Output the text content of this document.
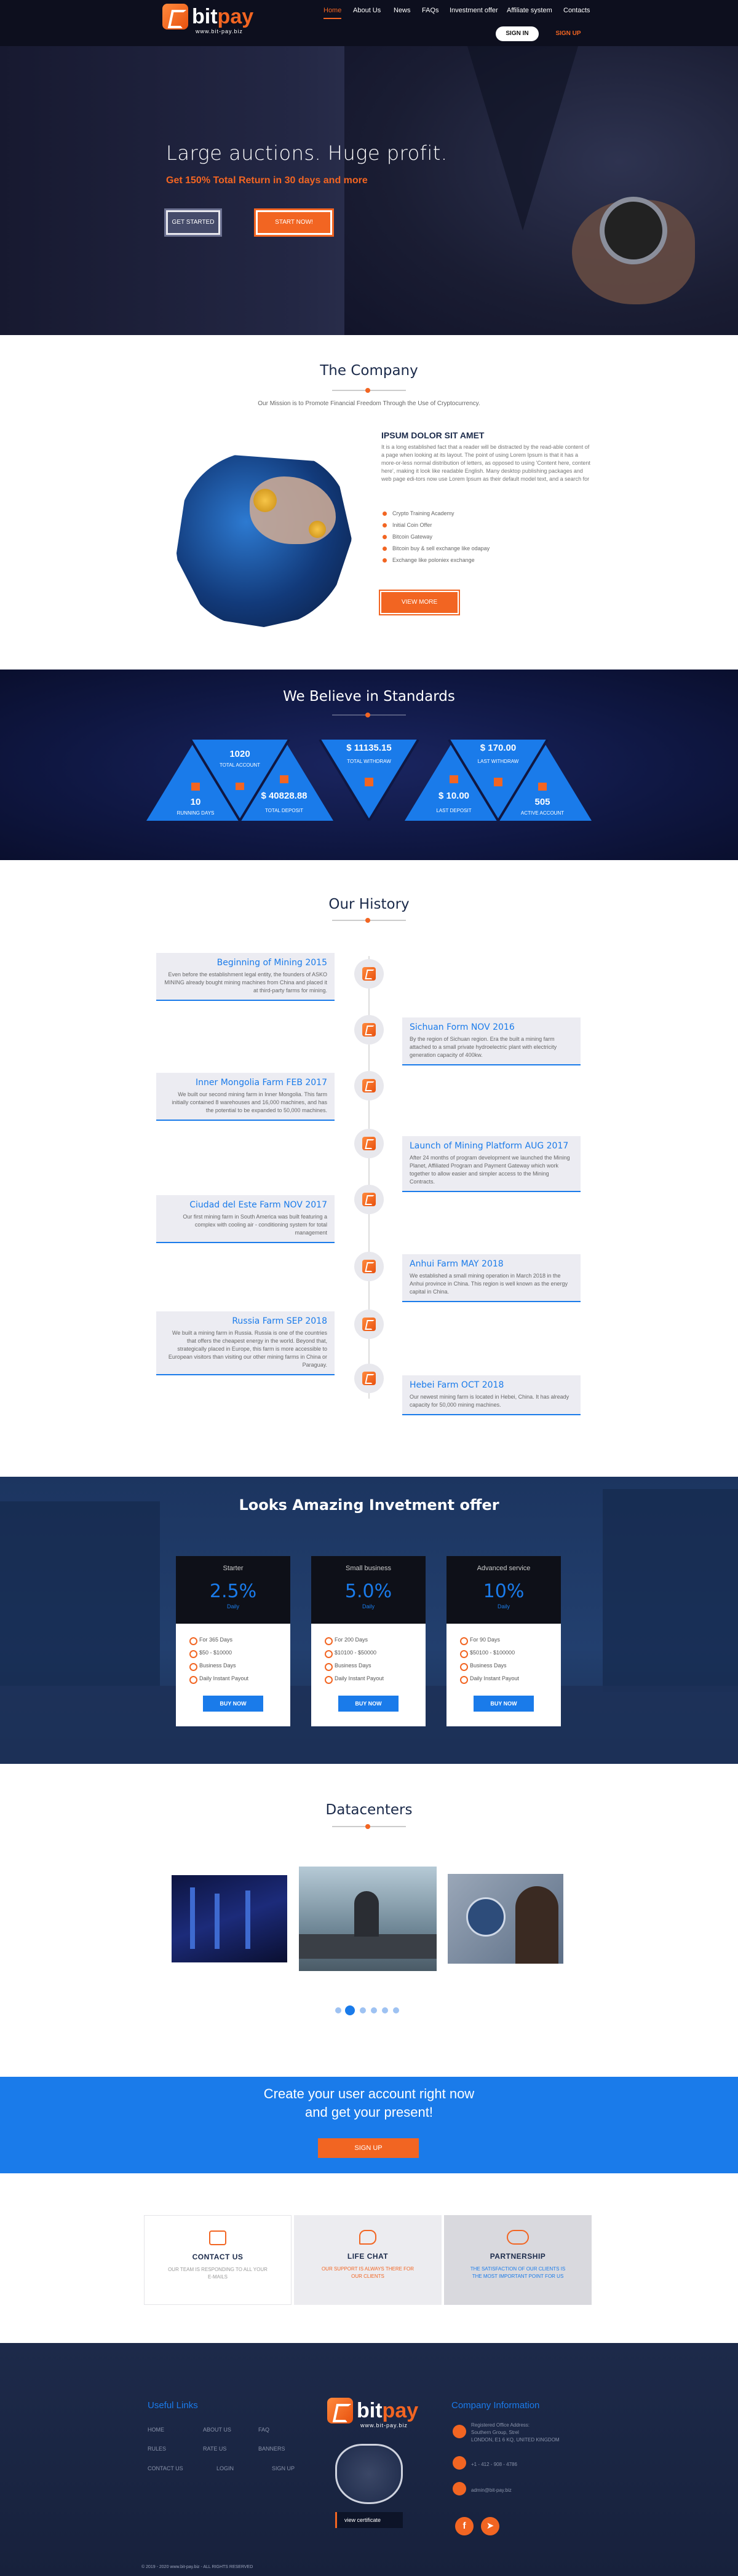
bitpay
www.bit-pay.biz
Home About Us News FAQs Investment offer Affiliate system Contacts
SIGN IN	SIGN UP
Large auctions. Huge profit.
Get 150% Total Return in 30 days and more
GET STARTED	START NOW!
The Company
Our Mission is to Promote Financial Freedom Through the Use of Cryptocurrency.
IPSUM DOLOR SIT AMET
It is a long established fact that a reader will be distracted by the read-able content of a page when looking at its layout. The point of using Lorem Ipsum is that it has a more-or-less normal distribution of letters, as opposed to using 'Content here, content here', making it look like readable English. Many desktop publishing packages and web page edi-tors now use Lorem Ipsum as their default model text, and a search for
Crypto Training Academy
Initial Coin Offer
Bitcoin Gateway
Bitcoin buy & sell exchange like odapay
Exchange like poloniex exchange
VIEW MORE
We Believe in Standards
1020
TOTAL ACCOUNT
$ 11135.15
TOTAL WITHDRAW
$ 170.00
LAST WITHDRAW
10
RUNNING DAYS
$ 40828.88
TOTAL DEPOSIT
$ 10.00
LAST DEPOSIT
505
ACTIVE ACCOUNT
Our History
Beginning of Mining 2015

Even before the establishment legal entity, the founders of ASKO MINING already bought mining machines from China and placed it at third-party farms for mining.

Sichuan Form NOV 2016

By the region of Sichuan region. Era the built a mining farm attached to a small private hydroelectric plant with electricity generation capacity of 400kw.

Inner Mongolia Farm FEB 2017

We built our second mining farm in Inner Mongolia. This farm initially contained 8 warehouses and 16,000 machines, and has the potential to be expanded to 50,000 machines.

Launch of Mining Platform AUG 2017

After 24 months of program development we launched the Mining Planet, Affiliated Program and Payment Gateway which work together to allow easier and simpler access to the Mining Contracts.

Ciudad del Este Farm NOV 2017

Our first mining farm in South America was built featuring a complex with cooling air - conditioning system for total management

Anhui Farm MAY 2018

We established a small mining operation in March 2018 in the Anhui province in China. This region is well known as the energy capital in China.

Russia Farm SEP 2018

We built a mining farm in Russia. Russia is one of the countries that offers the cheapest energy in the world. Beyond that, strategically placed in Europe, this farm is more accessible to European visitors than visiting our other mining farms in China or Paraguay.

Hebei Farm OCT 2018

Our newest mining farm is located in Hebei, China. It has already capacity for 50,000 mining machines.

Looks Amazing Invetment offer
Starter
2.5%
Daily
For 365 Days
$50 - $10000
Business Days
Daily Instant Payout
BUY NOW
Small business
5.0%
Daily
For 200 Days
$10100 - $50000
Business Days
Daily Instant Payout
BUY NOW
Advanced service
10%
Daily
For 90 Days
$50100 - $100000
Business Days
Daily Instant Payout
BUY NOW
Datacenters
Create your user account right now
and get your present!
SIGN UP
CONTACT US

OUR TEAM IS RESPONDING TO ALL YOUR E-MAILS

LIFE CHAT

OUR SUPPORT IS ALWAYS THERE FOR OUR CLIENTS

PARTNERSHIP

THE SATISFACTION OF OUR CLIENTS IS THE MOST IMPORTANT POINT FOR US

Useful Links
HOME	ABOUT US	FAQ
RULES	RATE US	BANNERS
CONTACT US	LOGIN	SIGN UP
bitpay
www.bit-pay.biz
view certificate
f	➤
Company Information
Registered Office Address:
Southern Group, Strel
LONDON, E1 6 KQ, UNITED KINGDOM
+1 - 412 - 908 - 4786
admin@bit-pay.biz
© 2019 - 2020 www.bit-pay.biz - ALL RIGHTS RESERVED
